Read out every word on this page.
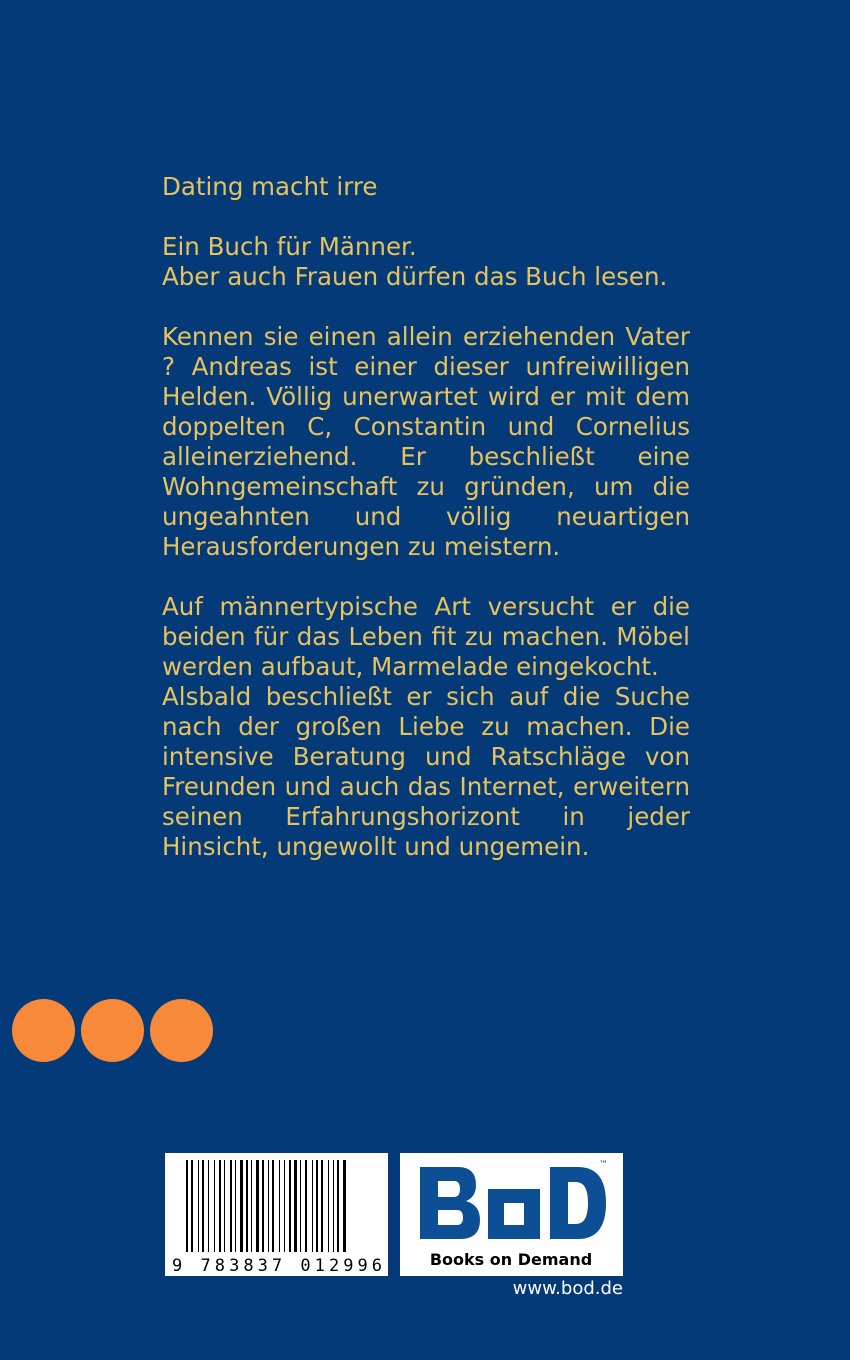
Dating macht irre

Ein Buch für Männer.
Aber auch Frauen dürfen das Buch lesen.

Kennen sie einen allein erziehenden Vater ? Andreas ist einer dieser unfreiwilligen Helden. Völlig unerwartet wird er mit dem doppelten C, Constantin und Cornelius alleinerziehend. Er beschließt eine Wohngemeinschaft zu gründen, um die ungeahnten und völlig neuartigen Herausforderungen zu meistern.

Auf männertypische Art versucht er die beiden für das Leben fit zu machen. Möbel
werden aufbaut, Marmelade eingekocht.
Alsbald beschließt er sich auf die Suche nach der großen Liebe zu machen. Die intensive Beratung und Ratschläge von Freunden und auch das Internet, erweitern seinen Erfahrungshorizont in jeder Hinsicht, ungewollt und ungemein.

9 783837 012996
™
Books on Demand
www.bod.de
